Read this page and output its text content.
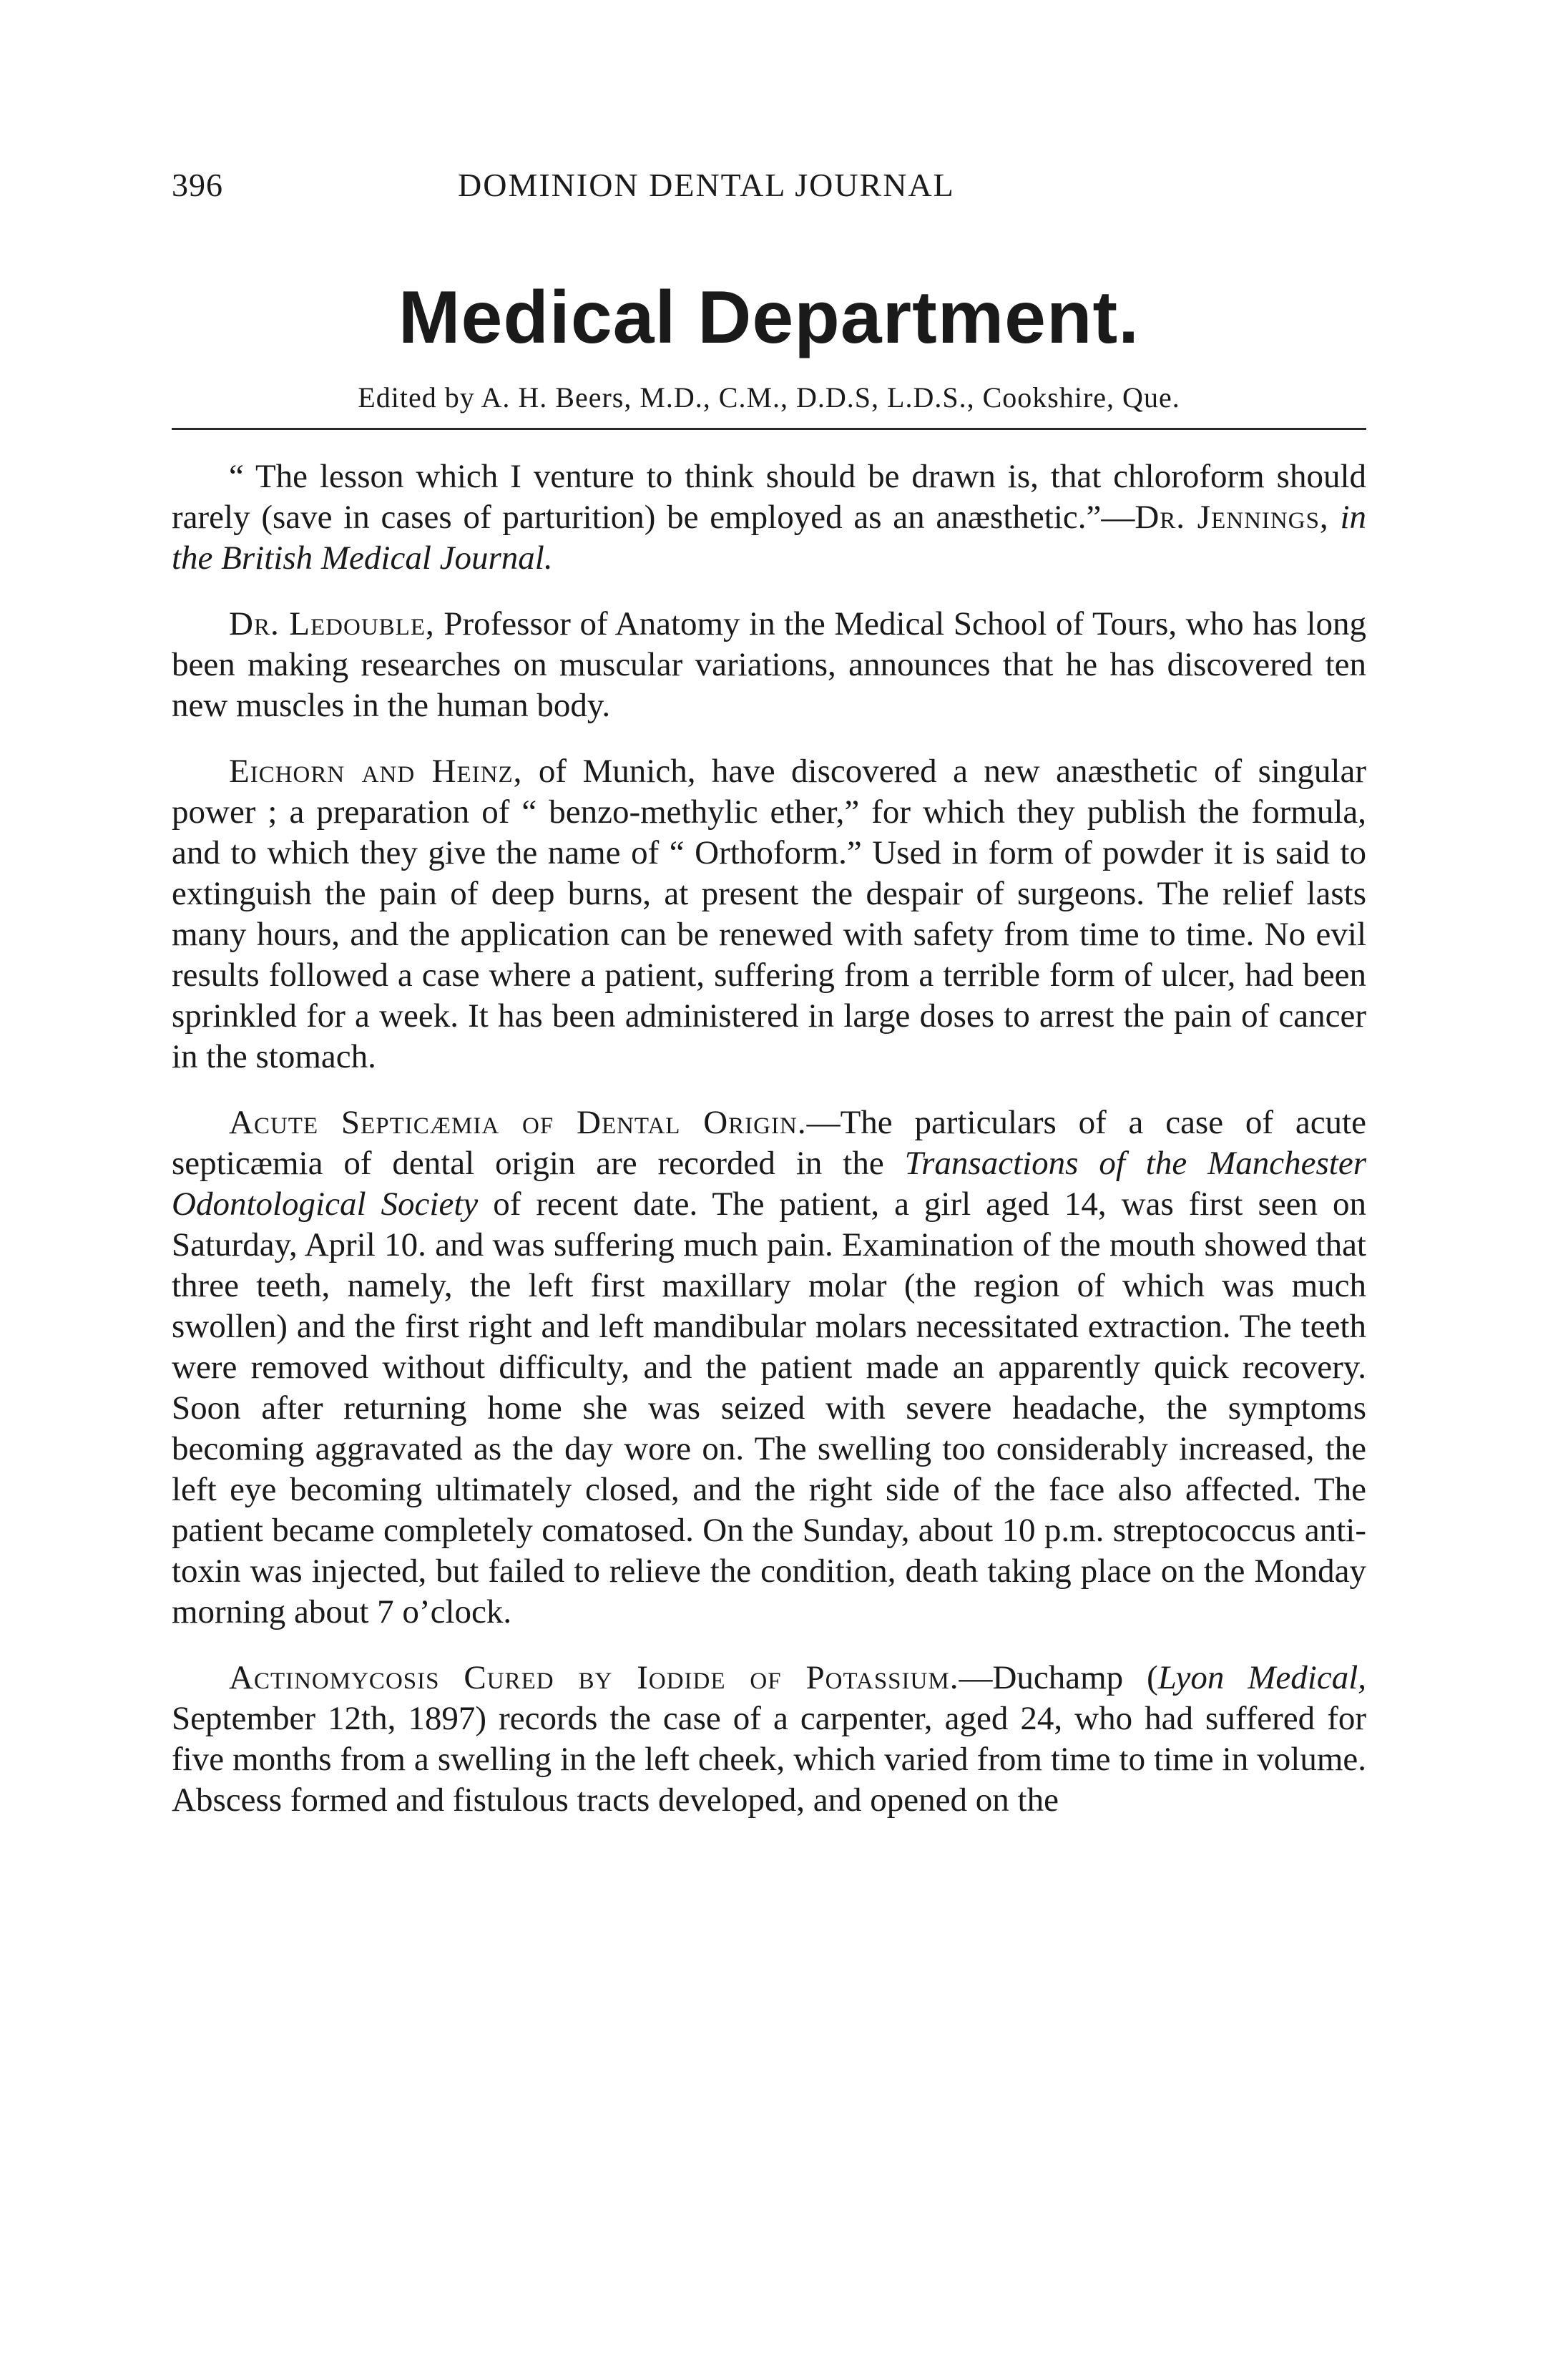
396	DOMINION DENTAL JOURNAL
Medical Department.
Edited by A. H. Beers, M.D., C.M., D.D.S, L.D.S., Cookshire, Que.

“ The lesson which I venture to think should be drawn is, that chloroform should rarely (save in cases of parturition) be employed as an anæsthetic.”—Dr. Jennings, in the British Medical Journal.

Dr. Ledouble, Professor of Anatomy in the Medical School of Tours, who has long been making researches on muscular variations, announces that he has discovered ten new muscles in the human body.

Eichorn and Heinz, of Munich, have discovered a new anæsthetic of singular power ; a preparation of “ benzo-methylic ether,” for which they publish the formula, and to which they give the name of “ Orthoform.” Used in form of powder it is said to extinguish the pain of deep burns, at present the despair of surgeons. The relief lasts many hours, and the application can be renewed with safety from time to time. No evil results followed a case where a patient, suffering from a terrible form of ulcer, had been sprinkled for a week. It has been administered in large doses to arrest the pain of cancer in the stomach.

Acute Septicæmia of Dental Origin.—The particulars of a case of acute septicæmia of dental origin are recorded in the Transactions of the Manchester Odontological Society of recent date. The patient, a girl aged 14, was first seen on Saturday, April 10. and was suffering much pain. Examination of the mouth showed that three teeth, namely, the left first maxillary molar (the region of which was much swollen) and the first right and left mandibular molars necessitated extraction. The teeth were removed without difficulty, and the patient made an apparently quick recovery. Soon after returning home she was seized with severe headache, the symptoms becoming aggravated as the day wore on. The swelling too considerably increased, the left eye becoming ultimately closed, and the right side of the face also affected. The patient became completely comatosed. On the Sunday, about 10 p.m. streptococcus anti-toxin was injected, but failed to relieve the condition, death taking place on the Monday morning about 7 o’clock.

Actinomycosis Cured by Iodide of Potassium.—Duchamp (Lyon Medical, September 12th, 1897) records the case of a carpenter, aged 24, who had suffered for five months from a swelling in the left cheek, which varied from time to time in volume. Abscess formed and fistulous tracts developed, and opened on the
